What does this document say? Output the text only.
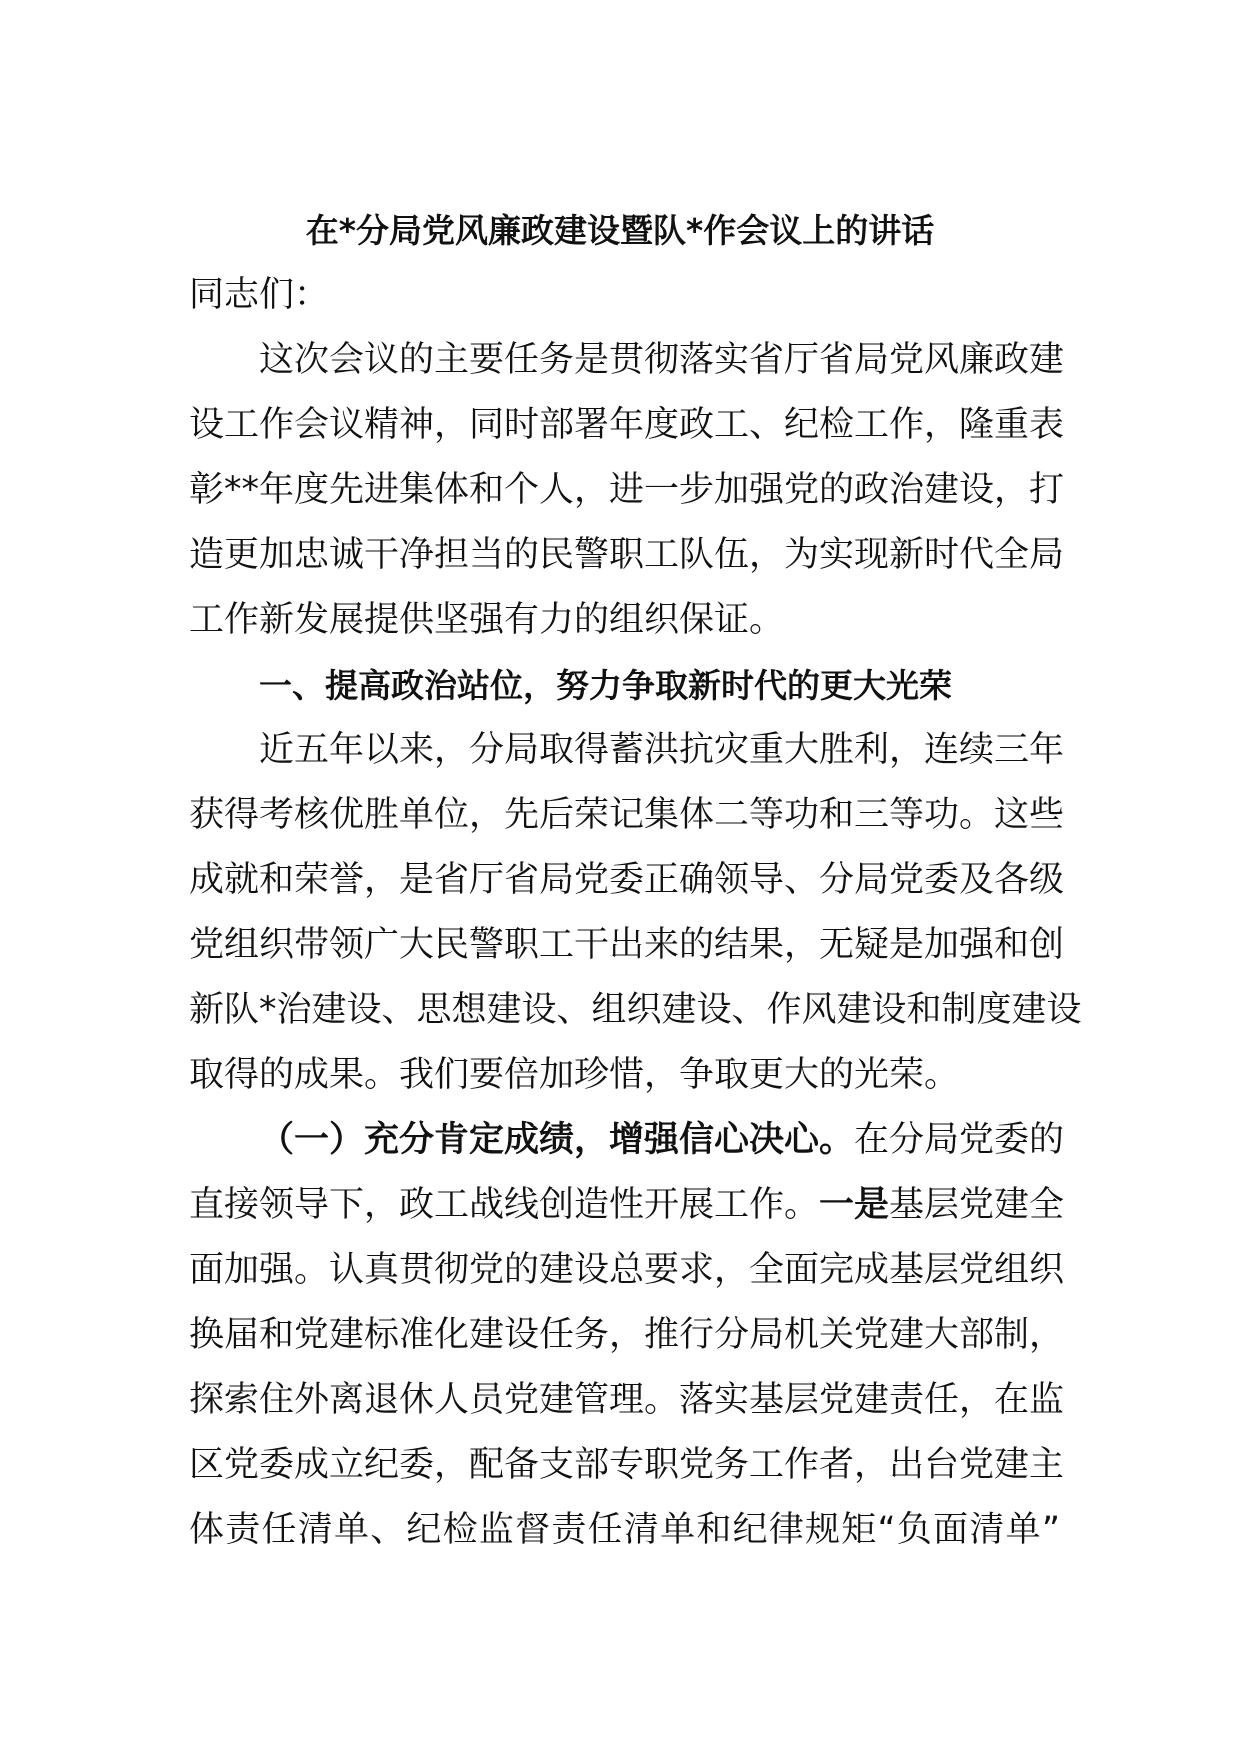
在*分局党风廉政建设暨队*作会议上的讲话
同志们：
这次会议的主要任务是贯彻落实省厅省局党风廉政建
设工作会议精神，同时部署年度政工、纪检工作，隆重表
彰**年度先进集体和个人，进一步加强党的政治建设，打
造更加忠诚干净担当的民警职工队伍，为实现新时代全局
工作新发展提供坚强有力的组织保证。
一、提高政治站位，努力争取新时代的更大光荣
近五年以来，分局取得蓄洪抗灾重大胜利，连续三年
获得考核优胜单位，先后荣记集体二等功和三等功。这些
成就和荣誉，是省厅省局党委正确领导、分局党委及各级
党组织带领广大民警职工干出来的结果，无疑是加强和创
新队*治建设、思想建设、组织建设、作风建设和制度建设
取得的成果。我们要倍加珍惜，争取更大的光荣。
（一）充分肯定成绩，增强信心决心。在分局党委的
直接领导下，政工战线创造性开展工作。一是基层党建全
面加强。认真贯彻党的建设总要求，全面完成基层党组织
换届和党建标准化建设任务，推行分局机关党建大部制，
探索住外离退休人员党建管理。落实基层党建责任，在监
区党委成立纪委，配备支部专职党务工作者，出台党建主
体责任清单、纪检监督责任清单和纪律规矩“负面清单”
